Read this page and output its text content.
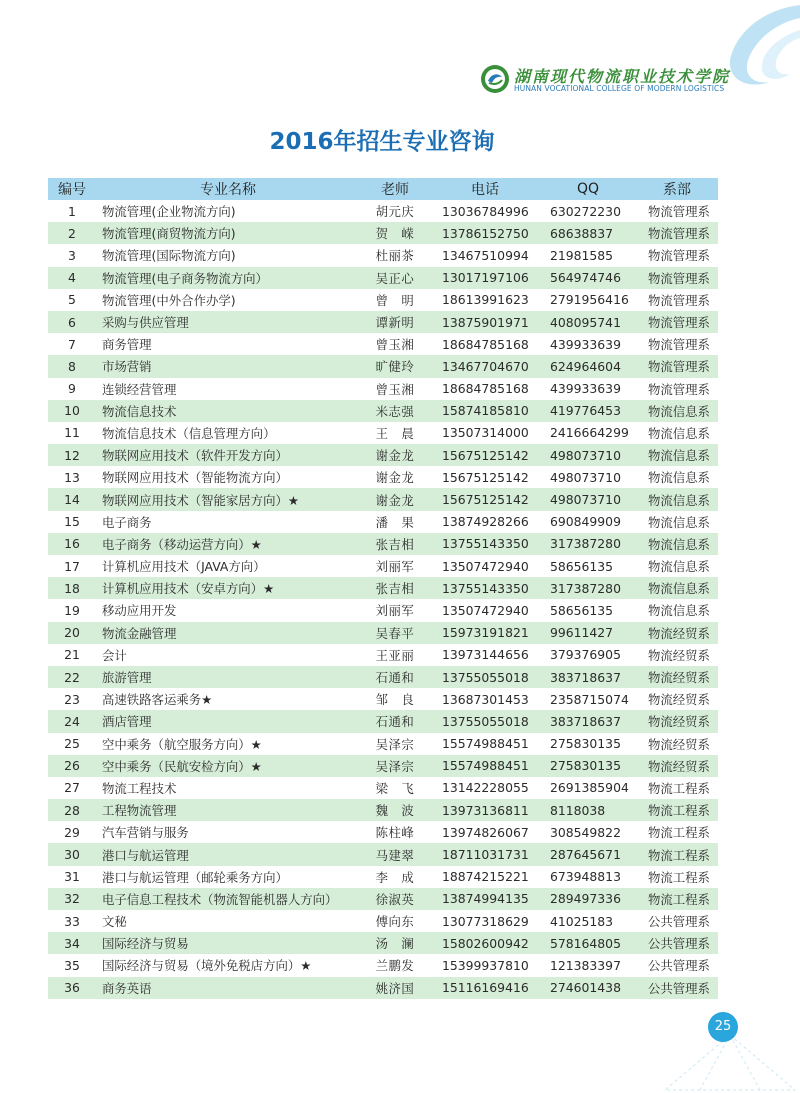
湖南现代物流职业技术学院
HUNAN VOCATIONAL COLLEGE OF MODERN LOGISTICS
2016年招生专业咨询
编号	专业名称	老师	电话	QQ	系部
1	物流管理(企业物流方向)	胡元庆	13036784996	630272230	物流管理系
2	物流管理(商贸物流方向)	贺　嵘	13786152750	68638837	物流管理系
3	物流管理(国际物流方向)	杜丽茶	13467510994	21981585	物流管理系
4	物流管理(电子商务物流方向）	吴正心	13017197106	564974746	物流管理系
5	物流管理(中外合作办学)	曾　明	18613991623	2791956416	物流管理系
6	采购与供应管理	谭新明	13875901971	408095741	物流管理系
7	商务管理	曾玉湘	18684785168	439933639	物流管理系
8	市场营销	旷健玲	13467704670	624964604	物流管理系
9	连锁经营管理	曾玉湘	18684785168	439933639	物流管理系
10	物流信息技术	米志强	15874185810	419776453	物流信息系
11	物流信息技术（信息管理方向）	王　晨	13507314000	2416664299	物流信息系
12	物联网应用技术（软件开发方向）	谢金龙	15675125142	498073710	物流信息系
13	物联网应用技术（智能物流方向）	谢金龙	15675125142	498073710	物流信息系
14	物联网应用技术（智能家居方向）★	谢金龙	15675125142	498073710	物流信息系
15	电子商务	潘　果	13874928266	690849909	物流信息系
16	电子商务（移动运营方向）★	张吉相	13755143350	317387280	物流信息系
17	计算机应用技术（JAVA方向）	刘丽军	13507472940	58656135	物流信息系
18	计算机应用技术（安卓方向）★	张吉相	13755143350	317387280	物流信息系
19	移动应用开发	刘丽军	13507472940	58656135	物流信息系
20	物流金融管理	吴春平	15973191821	99611427	物流经贸系
21	会计	王亚丽	13973144656	379376905	物流经贸系
22	旅游管理	石通和	13755055018	383718637	物流经贸系
23	高速铁路客运乘务★	邹　良	13687301453	2358715074	物流经贸系
24	酒店管理	石通和	13755055018	383718637	物流经贸系
25	空中乘务（航空服务方向）★	吴泽宗	15574988451	275830135	物流经贸系
26	空中乘务（民航安检方向）★	吴泽宗	15574988451	275830135	物流经贸系
27	物流工程技术	梁　飞	13142228055	2691385904	物流工程系
28	工程物流管理	魏　波	13973136811	8118038	物流工程系
29	汽车营销与服务	陈柱峰	13974826067	308549822	物流工程系
30	港口与航运管理	马建翠	18711031731	287645671	物流工程系
31	港口与航运管理（邮轮乘务方向）	李　成	18874215221	673948813	物流工程系
32	电子信息工程技术（物流智能机器人方向）	徐淑英	13874994135	289497336	物流工程系
33	文秘	傅向东	13077318629	41025183	公共管理系
34	国际经济与贸易	汤　澜	15802600942	578164805	公共管理系
35	国际经济与贸易（境外免税店方向）★	兰鹏发	15399937810	121383397	公共管理系
36	商务英语	姚济国	15116169416	274601438	公共管理系
25
